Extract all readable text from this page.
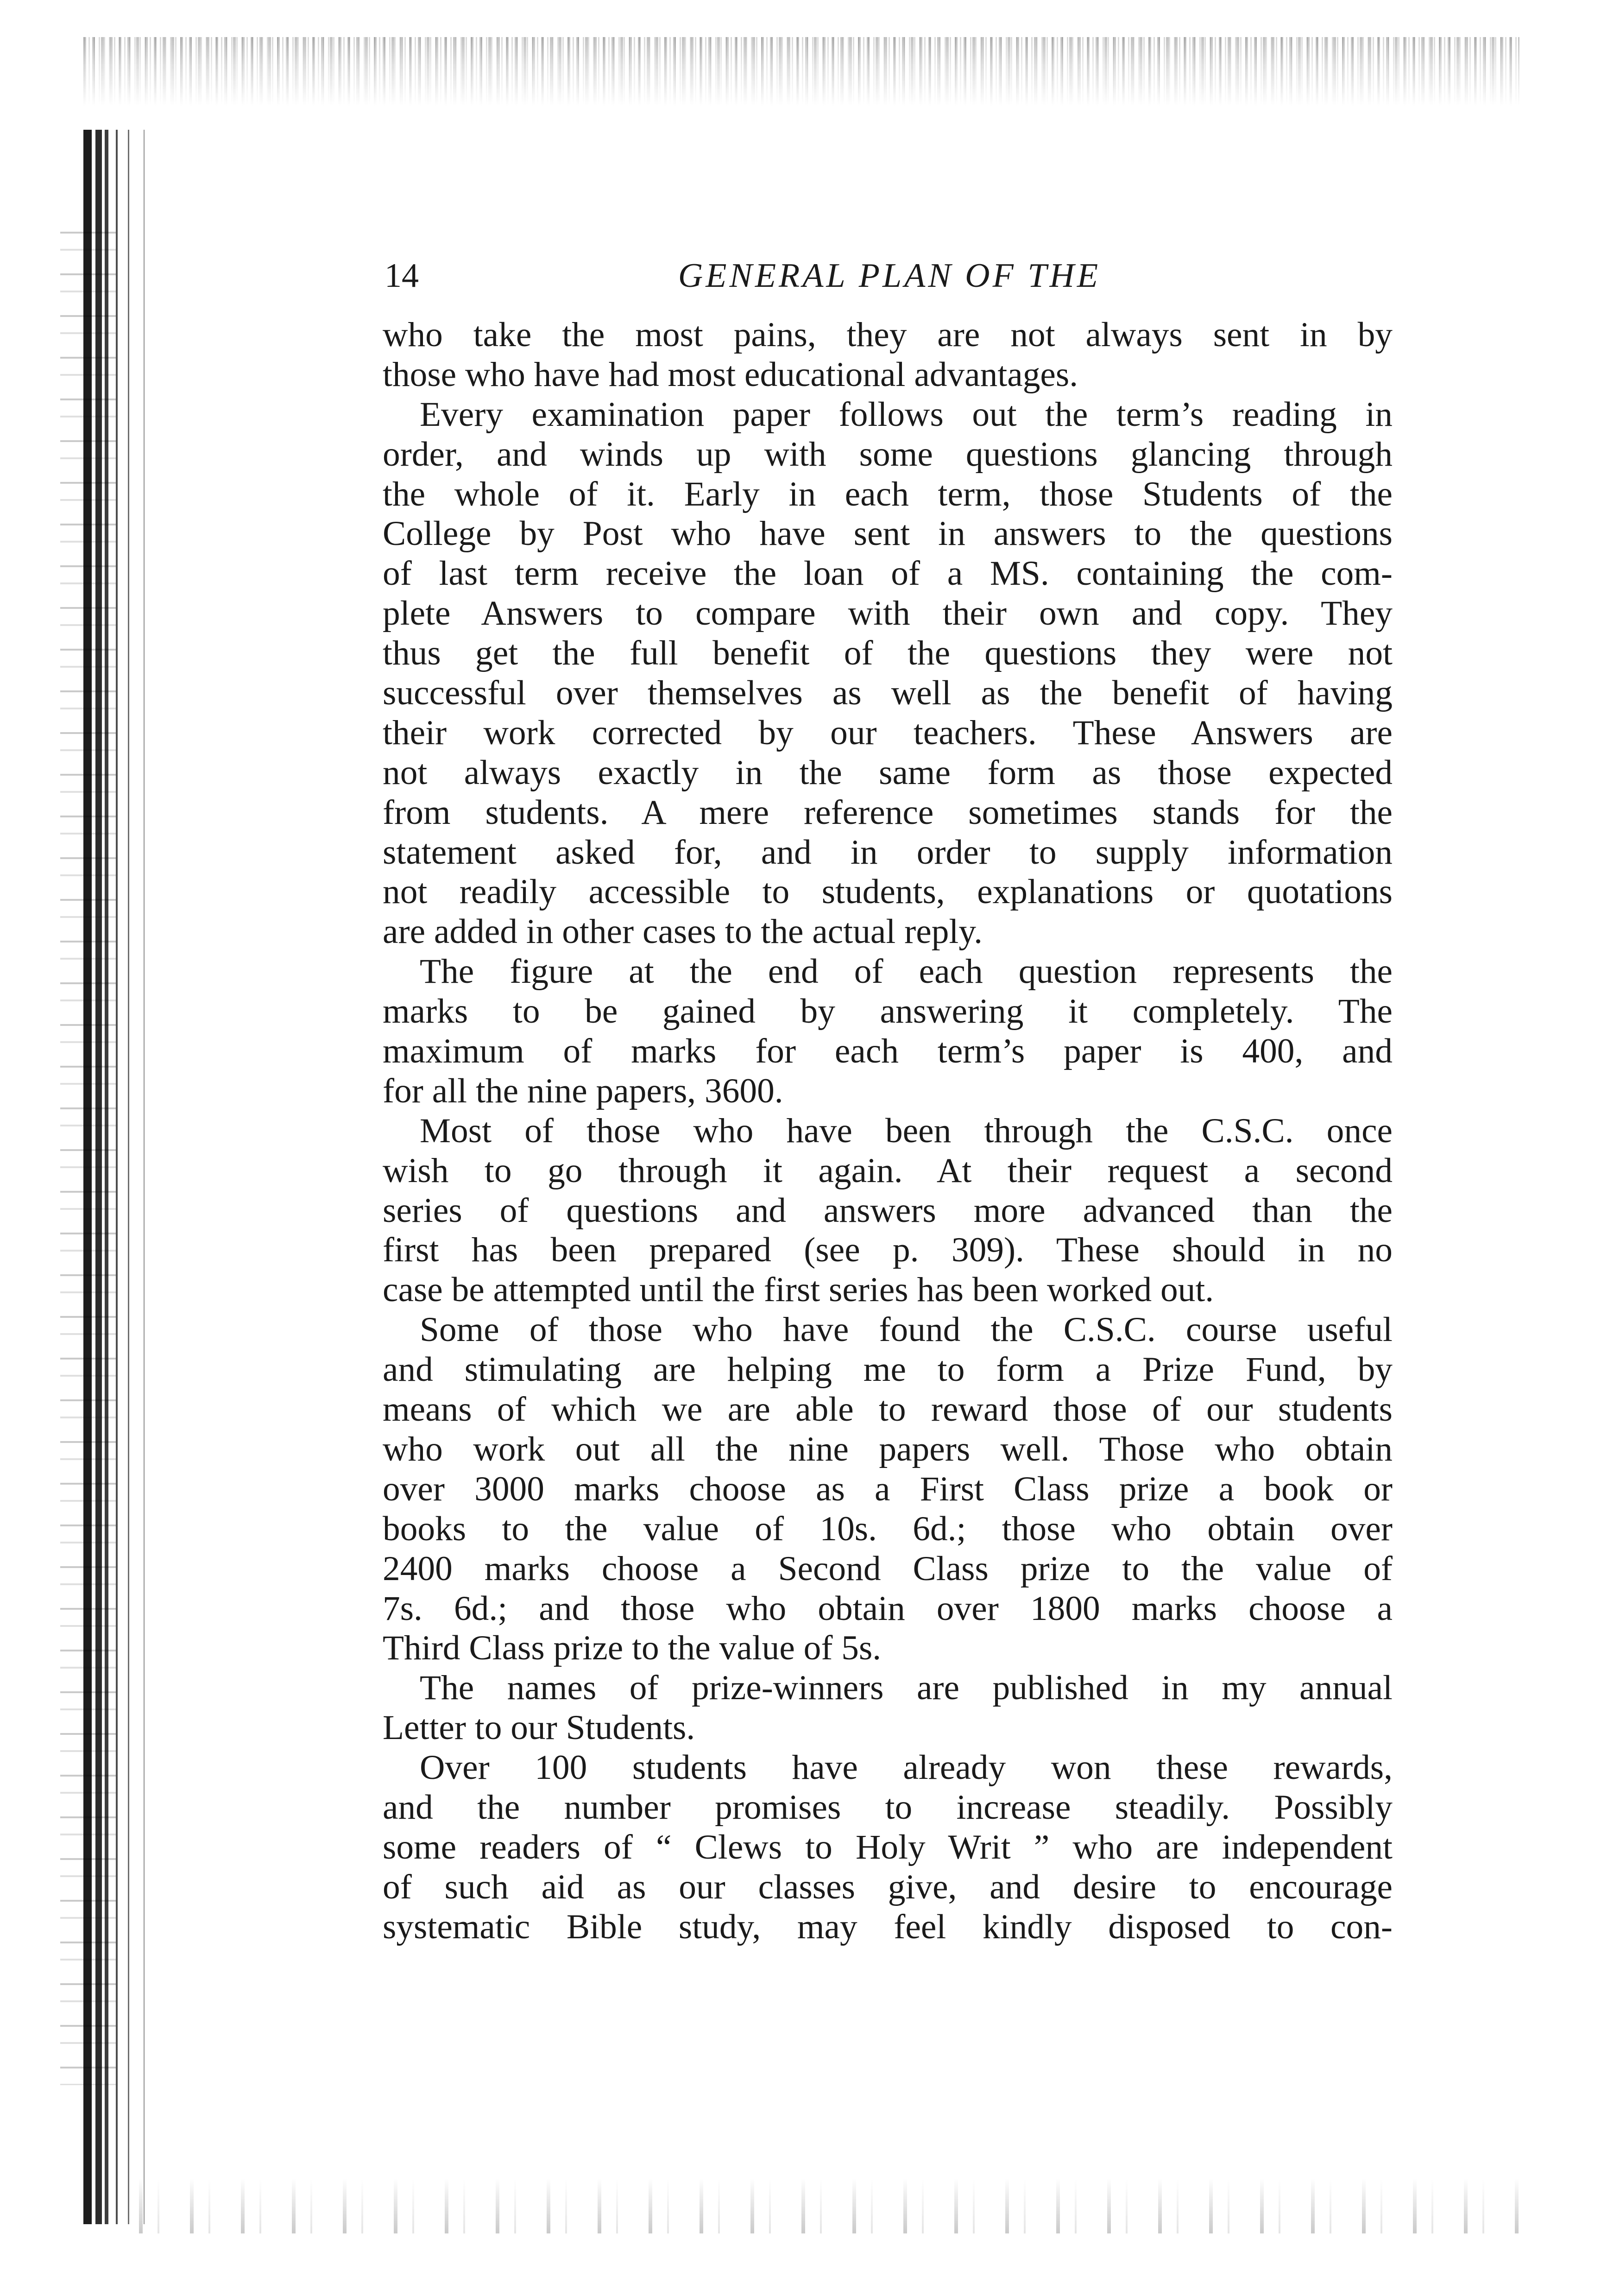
14	GENERAL PLAN OF THE
who take the most pains, they are not always sent in by
those who have had most educational advantages.
Every examination paper follows out the term’s reading in
order, and winds up with some questions glancing through
the whole of it. Early in each term, those Students of the
College by Post who have sent in answers to the questions
of last term receive the loan of a MS. containing the com-
plete Answers to compare with their own and copy. They
thus get the full benefit of the questions they were not
successful over themselves as well as the benefit of having
their work corrected by our teachers. These Answers are
not always exactly in the same form as those expected
from students. A mere reference sometimes stands for the
statement asked for, and in order to supply information
not readily accessible to students, explanations or quotations
are added in other cases to the actual reply.
The figure at the end of each question represents the
marks to be gained by answering it completely. The
maximum of marks for each term’s paper is 400, and
for all the nine papers, 3600.
Most of those who have been through the C.S.C. once
wish to go through it again. At their request a second
series of questions and answers more advanced than the
first has been prepared (see p. 309). These should in no
case be attempted until the first series has been worked out.
Some of those who have found the C.S.C. course useful
and stimulating are helping me to form a Prize Fund, by
means of which we are able to reward those of our students
who work out all the nine papers well. Those who obtain
over 3000 marks choose as a First Class prize a book or
books to the value of 10s. 6d.; those who obtain over
2400 marks choose a Second Class prize to the value of
7s. 6d.; and those who obtain over 1800 marks choose a
Third Class prize to the value of 5s.
The names of prize-winners are published in my annual
Letter to our Students.
Over 100 students have already won these rewards,
and the number promises to increase steadily. Possibly
some readers of “ Clews to Holy Writ ” who are independent
of such aid as our classes give, and desire to encourage
systematic Bible study, may feel kindly disposed to con-
